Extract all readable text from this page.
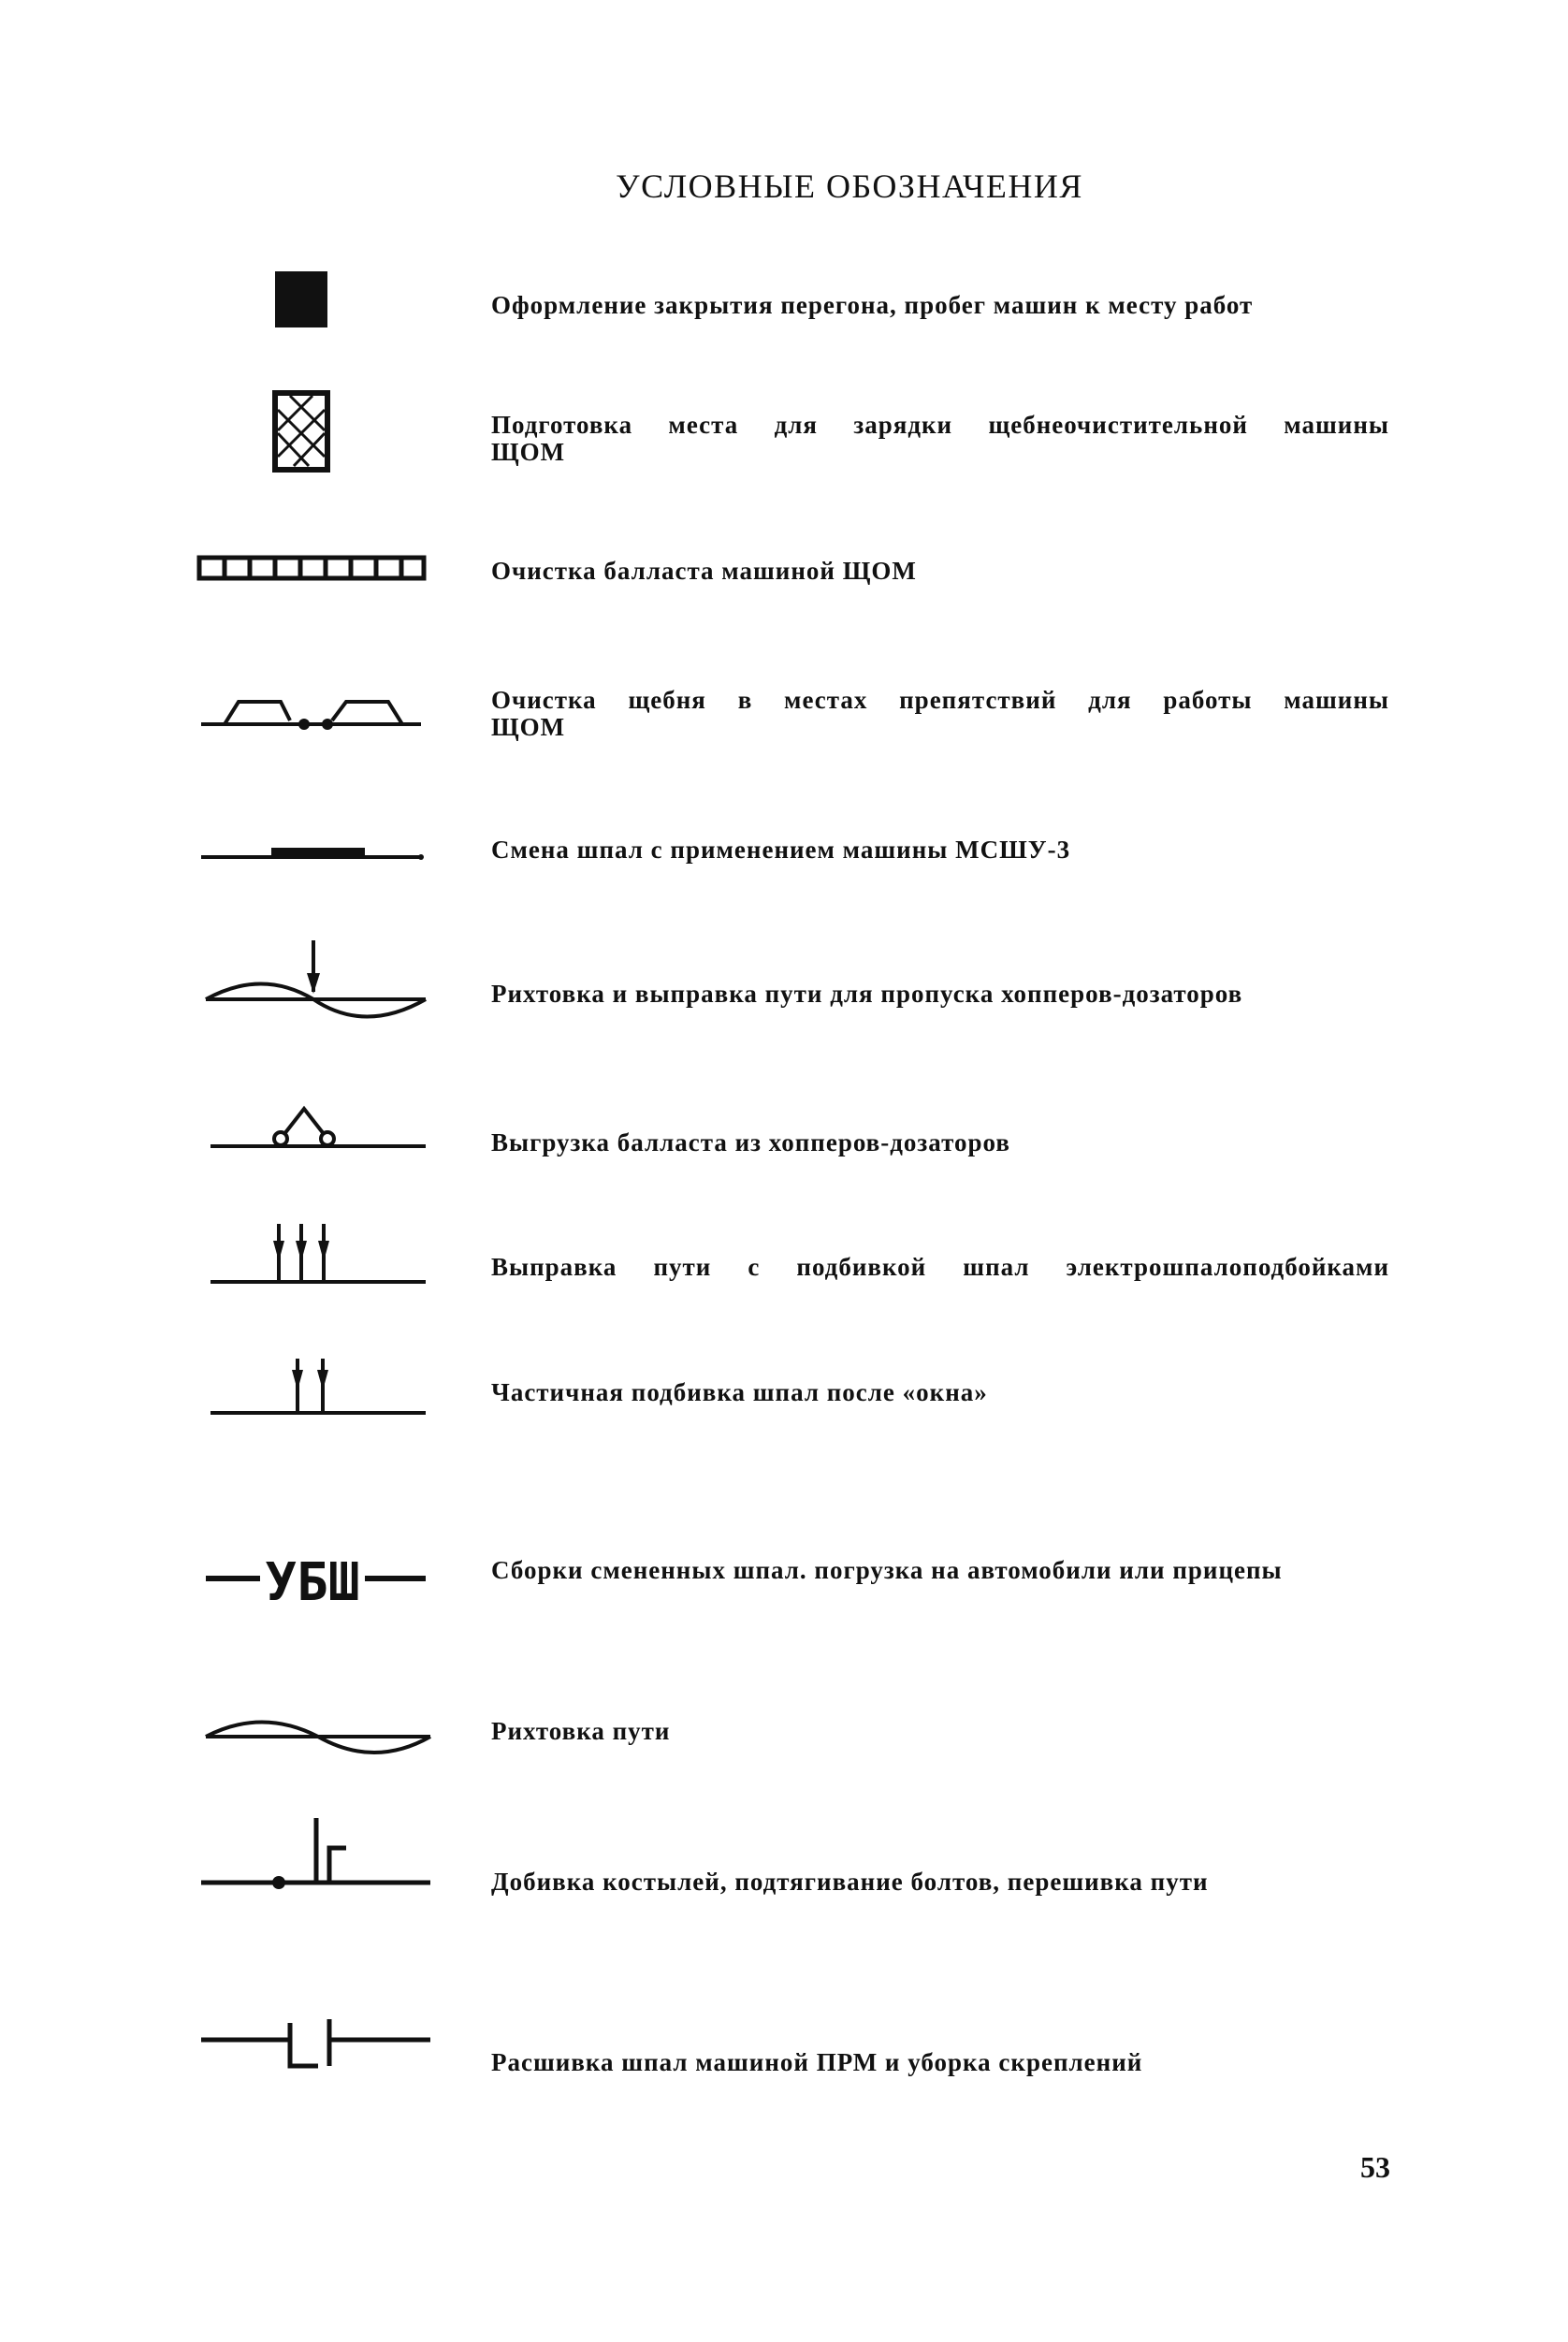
УСЛОВНЫЕ ОБОЗНАЧЕНИЯ
Оформление закрытия перегона, пробег машин к месту работ
Подготовка места для зарядки щебнеочистительной машины
ЩОМ
Очистка балласта машиной ЩОМ
Очистка щебня в местах препятствий для работы машины
ЩОМ
Смена шпал с применением машины МСШУ-3
Рихтовка и выправка пути для пропуска хопперов-дозаторов
Выгрузка балласта из хопперов-дозаторов
Выправка пути с подбивкой шпал электрошпалоподбойками
Частичная подбивка шпал после «окна»
УБШ	Сборки смененных шпал. погрузка на автомобили или прицепы
Рихтовка пути
Добивка костылей, подтягивание болтов, перешивка пути
Расшивка шпал машиной ПРМ и уборка скреплений
53
